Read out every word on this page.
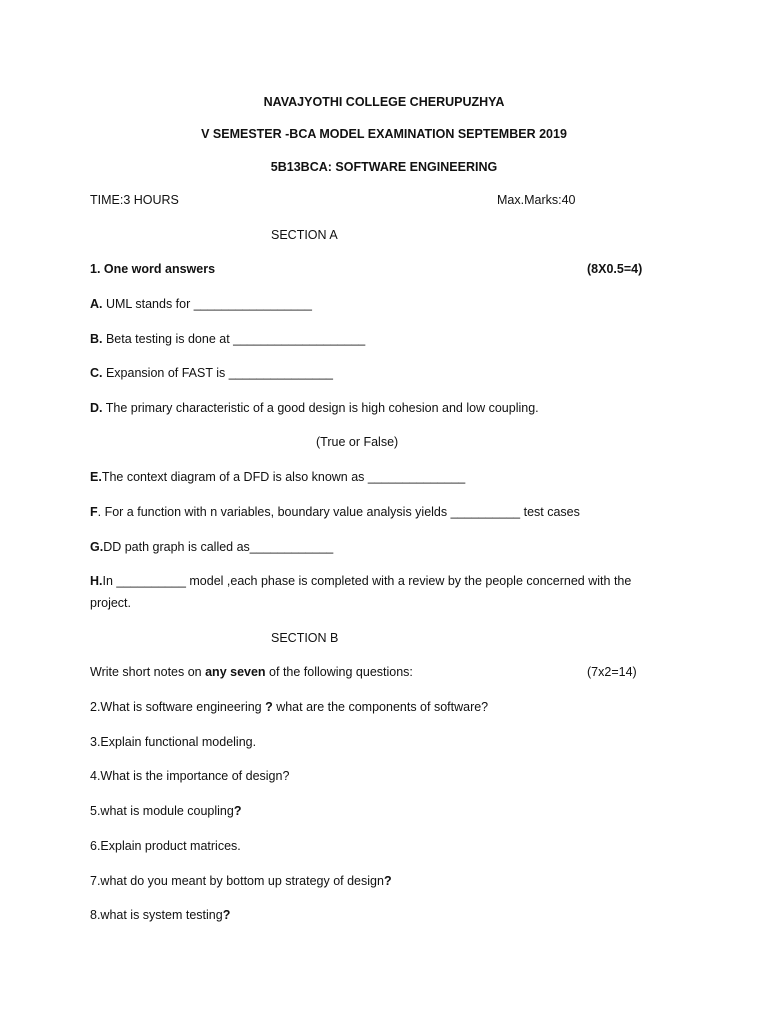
NAVAJYOTHI COLLEGE CHERUPUZHYA
V SEMESTER -BCA MODEL EXAMINATION SEPTEMBER 2019
5B13BCA: SOFTWARE ENGINEERING
TIME:3 HOURS	Max.Marks:40
SECTION A
1. One word answers	(8X0.5=4)
A. UML stands for _________________
B. Beta testing is done at ___________________
C. Expansion of FAST is _______________
D. The primary characteristic of a good design is high cohesion and low coupling.
(True or False)
E.The context diagram of a DFD is also known as ______________
F. For a function with n variables, boundary value analysis yields __________ test cases
G.DD path graph is called as____________
H.In __________ model ,each phase is completed with a review by the people concerned with the project.
SECTION B
Write short notes on any seven of the following questions:	(7x2=14)
2.What is software engineering ? what are the components of software?
3.Explain functional modeling.
4.What is the importance of design?
5.what is module coupling?
6.Explain product matrices.
7.what do you meant by bottom up strategy of design?
8.what is system testing?
